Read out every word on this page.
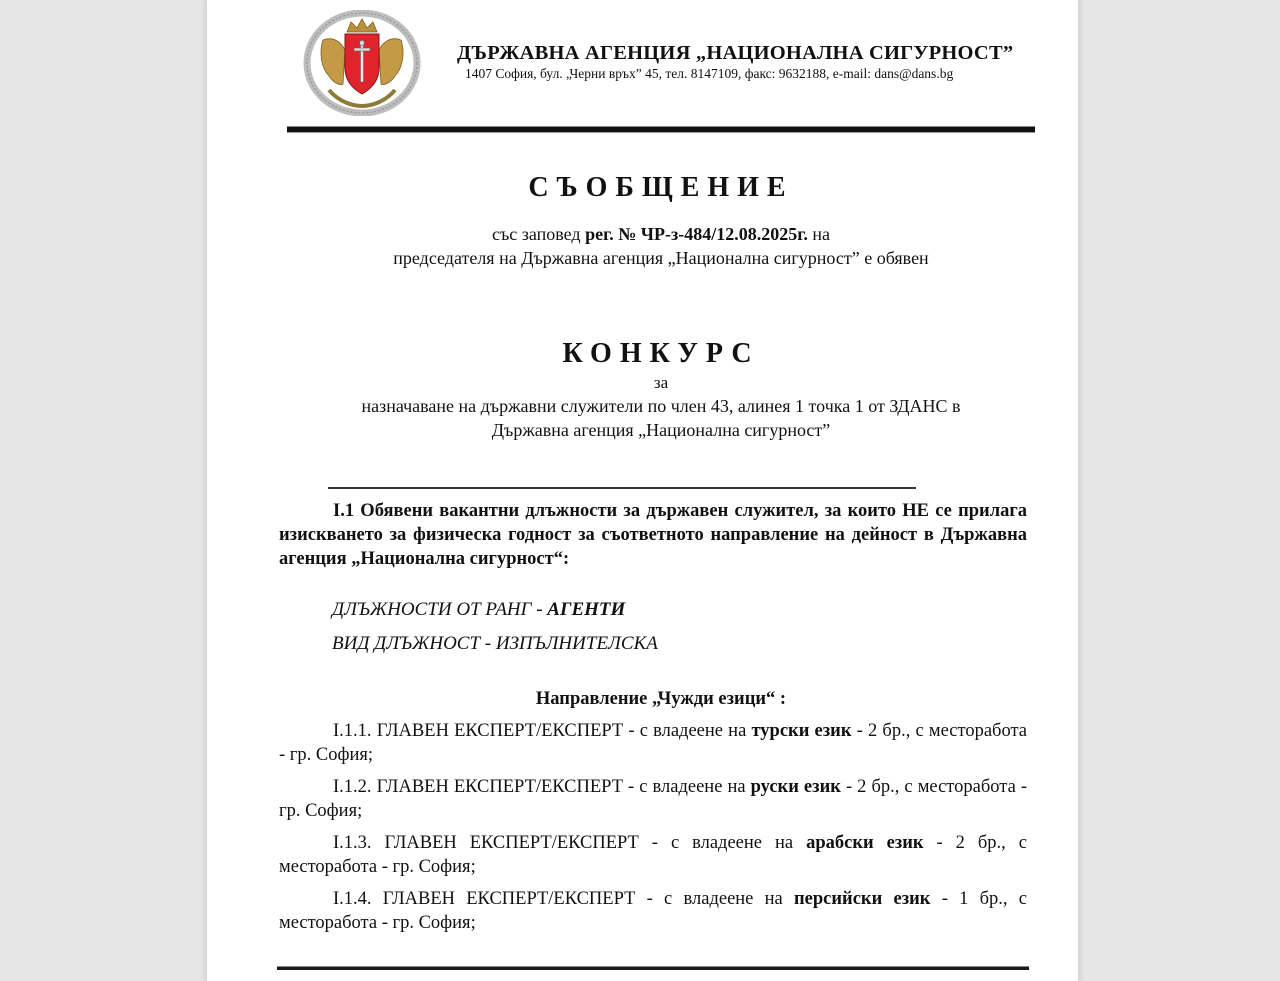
ДЪРЖАВНА АГЕНЦИЯ „НАЦИОНАЛНА СИГУРНОСТ”
1407 София, бул. „Черни връх” 45, тел. 8147109, факс: 9632188, e-mail: dans@dans.bg
СЪОБЩЕНИЕ
със заповед рег. № ЧР-з-484/12.08.2025г. на
председателя на Държавна агенция „Национална сигурност” е обявен
КОНКУРС
за
назначаване на държавни служители по член 43, алинея 1 точка 1 от ЗДАНС в
Държавна агенция „Национална сигурност”
I.1 Обявени вакантни длъжности за държавен служител, за които НЕ се прилага изискването за физическа годност за съответното направление на дейност в Държавна агенция „Национална сигурност“:
ДЛЪЖНОСТИ ОТ РАНГ - АГЕНТИ
ВИД ДЛЪЖНОСТ - ИЗПЪЛНИТЕЛСКА
Направление „Чужди езици“ :
I.1.1. ГЛАВЕН ЕКСПЕРТ/ЕКСПЕРТ - с владеене на турски език - 2 бр., с месторабота - гр. София;
I.1.2. ГЛАВЕН ЕКСПЕРТ/ЕКСПЕРТ - с владеене на руски език - 2 бр., с месторабота - гр. София;
I.1.3. ГЛАВЕН ЕКСПЕРТ/ЕКСПЕРТ - с владеене на арабски език - 2 бр., с месторабота - гр. София;
I.1.4. ГЛАВЕН ЕКСПЕРТ/ЕКСПЕРТ - с владеене на персийски език - 1 бр., с месторабота - гр. София;
